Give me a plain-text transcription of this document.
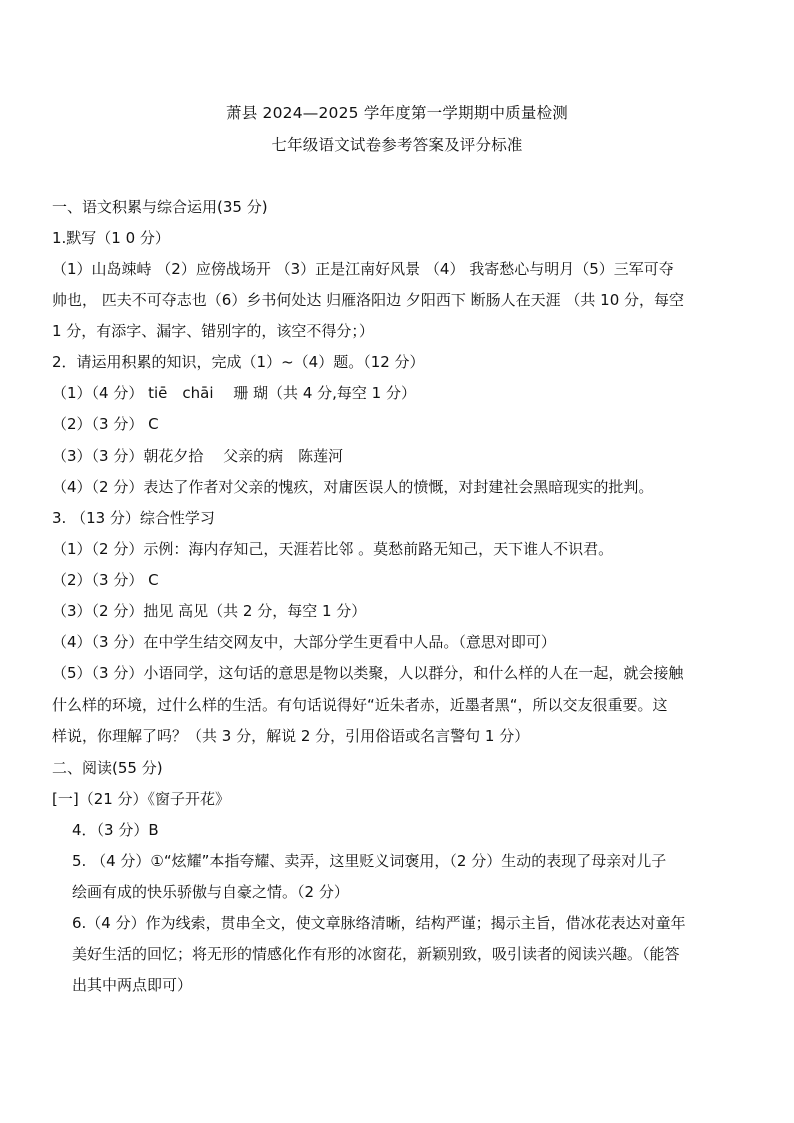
萧县 2024—2025 学年度第一学期期中质量检测
七年级语文试卷参考答案及评分标准
一、语文积累与综合运用(35 分)
1.默写（1 0 分）
（1）山岛竦峙 （2）应傍战场开 （3）正是江南好风景 （4） 我寄愁心与明月（5）三军可夺
帅也， 匹夫不可夺志也（6）乡书何处达 归雁洛阳边 夕阳西下 断肠人在天涯 （共 10 分，每空
1 分，有添字、漏字、错别字的，该空不得分；）
2．请运用积累的知识，完成（1）~（4）题。（12 分）
（1）（4 分） tiē　chāi　 珊 瑚（共 4 分,每空 1 分）
（2）（3 分） C
（3）（3 分）朝花夕拾　 父亲的病　陈莲河
（4）（2 分）表达了作者对父亲的愧疚，对庸医误人的愤慨，对封建社会黑暗现实的批判。
3. （13 分）综合性学习
（1）（2 分）示例：海内存知己，天涯若比邻 。莫愁前路无知己，天下谁人不识君。
（2）（3 分） C
（3）（2 分）拙见 高见（共 2 分，每空 1 分）
（4）（3 分）在中学生结交网友中，大部分学生更看中人品。（意思对即可）
（5）（3 分）小语同学，这句话的意思是物以类聚，人以群分，和什么样的人在一起，就会接触
什么样的环境，过什么样的生活。有句话说得好“近朱者赤，近墨者黑“，所以交友很重要。这
样说，你理解了吗？（共 3 分，解说 2 分，引用俗语或名言警句 1 分）
二、阅读(55 分)
[一]（21 分）《窗子开花》
4．（3 分）B
5. （4 分）①“炫耀”本指夸耀、卖弄，这里贬义词褒用，（2 分）生动的表现了母亲对儿子
绘画有成的快乐骄傲与自豪之情。（2 分）
6.（4 分）作为线索，贯串全文，使文章脉络清晰，结构严谨；揭示主旨，借冰花表达对童年
美好生活的回忆；将无形的情感化作有形的冰窗花，新颖别致，吸引读者的阅读兴趣。（能答
出其中两点即可）
